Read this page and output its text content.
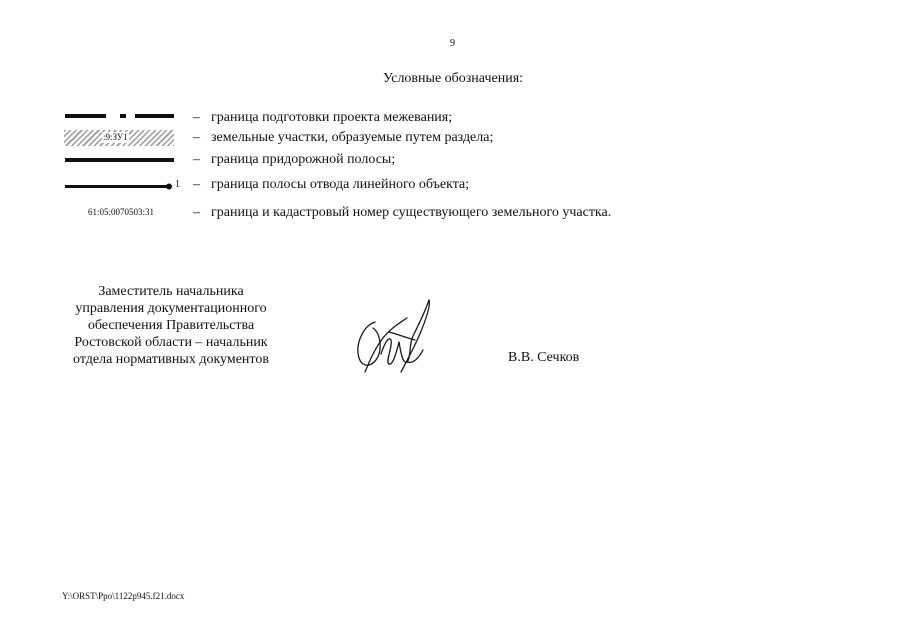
9
Условные обозначения:
– граница подготовки проекта межевания;
:9:ЗУ1	– земельные участки, образуемые путем раздела;
– граница придорожной полосы;
1 – граница полосы отвода линейного объекта;
61:05:0070503:31	– граница и кадастровый номер существующего земельного участка.
Заместитель начальника
управления документационного
обеспечения Правительства
Ростовской области – начальник
отдела нормативных документов	В.В. Сечков
Y:\ORST\Ppo\1122p945.f21.docx
